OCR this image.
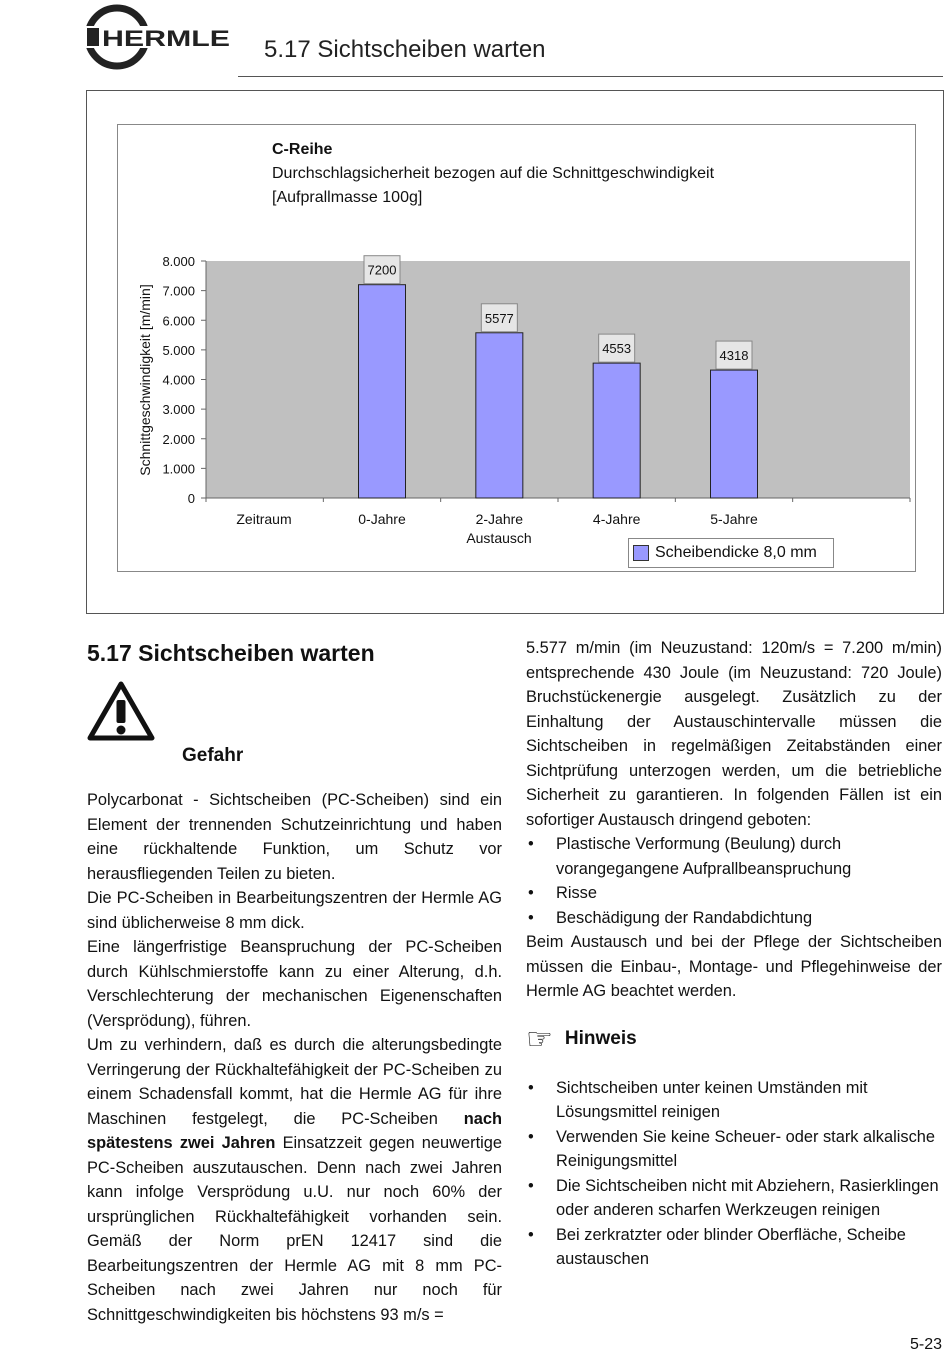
HERMLE 5.17 Sichtscheiben warten
C-Reihe
Durchschlagsicherheit bezogen auf die Schnittgeschwindigkeit
[Aufprallmasse 100g]
0
1.000
2.000
3.000
4.000
5.000
6.000
7.000
8.000
7200
0-Jahre
5577
2-Jahre
4553
4-Jahre
4318
5-Jahre
Schnittgeschwindigkeit [m/min]
Zeitraum
Austausch
Scheibendicke 8,0 mm
5.17 Sichtscheiben warten
Gefahr

Polycarbonat - Sichtscheiben (PC-Scheiben) sind ein Element der trennenden Schutzeinrichtung und haben eine rückhaltende Funktion, um Schutz vor herausfliegenden Teilen zu bieten.

Die PC-Scheiben in Bearbeitungszentren der Hermle AG sind üblicherweise 8 mm dick.

Eine längerfristige Beanspruchung der PC-Scheiben durch Kühlschmierstoffe kann zu einer Alterung, d.h. Verschlechterung der mechanischen Eigenenschaften (Versprödung), führen.

Um zu verhindern, daß es durch die alterungsbedingte Verringerung der Rückhaltefähigkeit der PC-Scheiben zu einem Schadensfall kommt, hat die Hermle AG für ihre Maschinen festgelegt, die PC-Scheiben nach spätestens zwei Jahren Einsatzzeit gegen neuwertige PC-Scheiben auszutauschen. Denn nach zwei Jahren kann infolge Versprödung u.U. nur noch 60% der ursprünglichen Rückhaltefähigkeit vorhanden sein. Gemäß der Norm prEN 12417 sind die Bearbeitungszentren der Hermle AG mit 8 mm PC-Scheiben nach zwei Jahren nur noch für Schnittgeschwindigkeiten bis höchstens 93 m/s =

5.577 m/min (im Neuzustand: 120m/s = 7.200 m/min) entsprechende 430 Joule (im Neuzustand: 720 Joule) Bruchstückenergie ausgelegt. Zusätzlich zu der Einhaltung der Austauschintervalle müssen die Sichtscheiben in regelmäßigen Zeitabständen einer Sichtprüfung unterzogen werden, um die betriebliche Sicherheit zu garantieren. In folgenden Fällen ist ein sofortiger Austausch dringend geboten:

• Plastische Verformung (Beulung) durch vorangegangene Aufprallbeanspruchung
• Risse
• Beschädigung der Randabdichtung

Beim Austausch und bei der Pflege der Sichtscheiben müssen die Einbau-, Montage- und Pflegehinweise der Hermle AG beachtet werden.

☞ Hinweis
• Sichtscheiben unter keinen Umständen mit Lösungsmittel reinigen
• Verwenden Sie keine Scheuer- oder stark alkalische Reinigungsmittel
• Die Sichtscheiben nicht mit Abziehern, Rasierklingen oder anderen scharfen Werkzeugen reinigen
• Bei zerkratzter oder blinder Oberfläche, Scheibe austauschen
5-23
